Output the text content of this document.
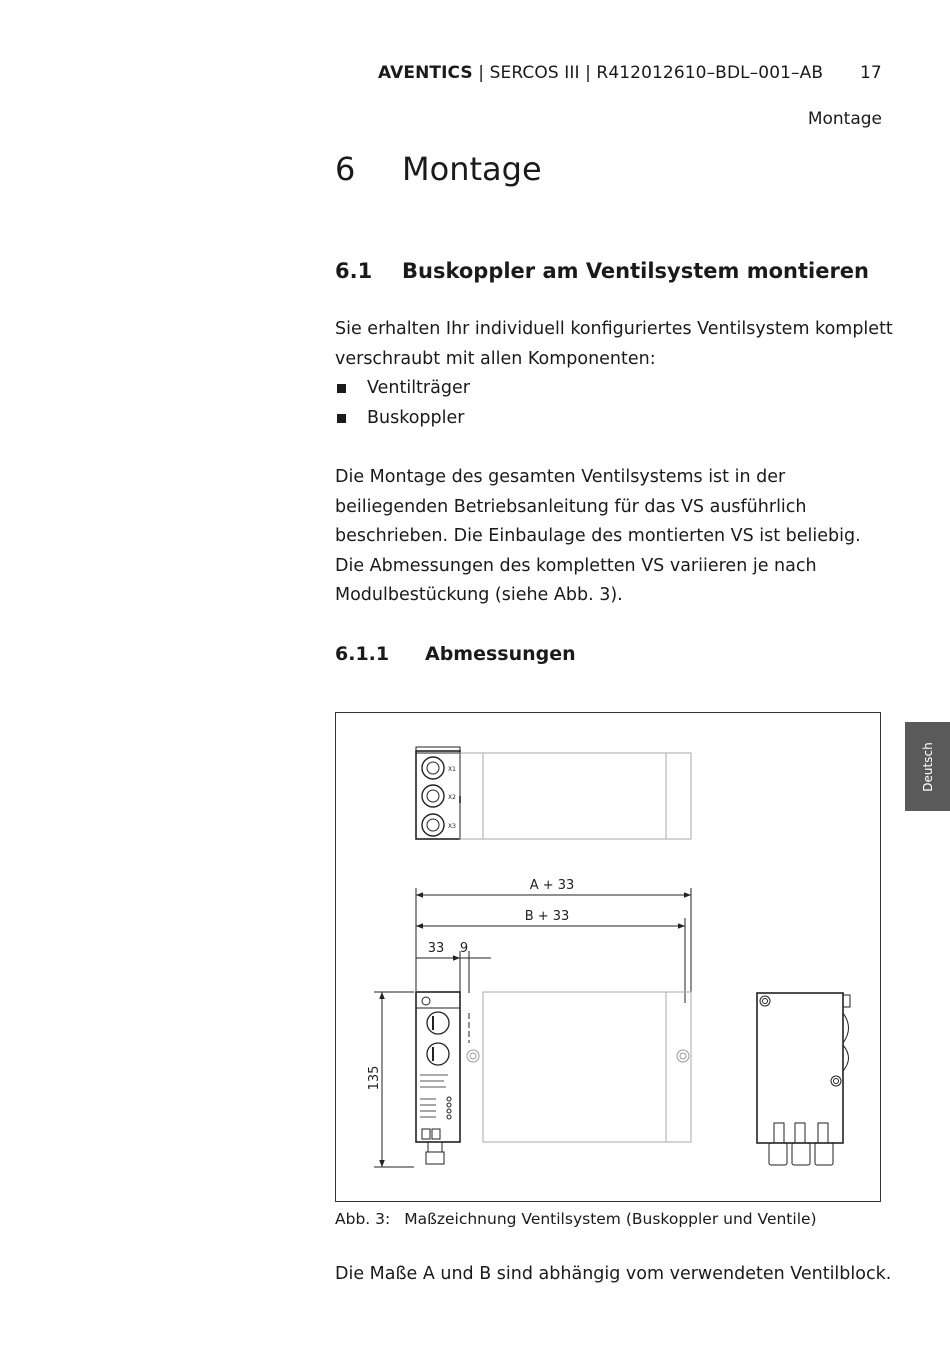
AVENTICS | SERCOS III | R412012610–BDL–001–AB 17
Montage
6 Montage
6.1 Buskoppler am Ventilsystem montieren
Sie erhalten Ihr individuell konfiguriertes Ventilsystem komplett verschraubt mit allen Komponenten:
Ventilträger
Buskoppler
Die Montage des gesamten Ventilsystems ist in der beiliegenden Betriebsanleitung für das VS ausführlich beschrieben. Die Einbaulage des montierten VS ist beliebig. Die Abmessungen des kompletten VS variieren je nach Modulbestückung (siehe Abb. 3).
6.1.1 Abmessungen
X1
X2
X3
A + 33
B + 33
33 9
135
Abb. 3: Maßzeichnung Ventilsystem (Buskoppler und Ventile)
Die Maße A und B sind abhängig vom verwendeten Ventilblock.
Deutsch
